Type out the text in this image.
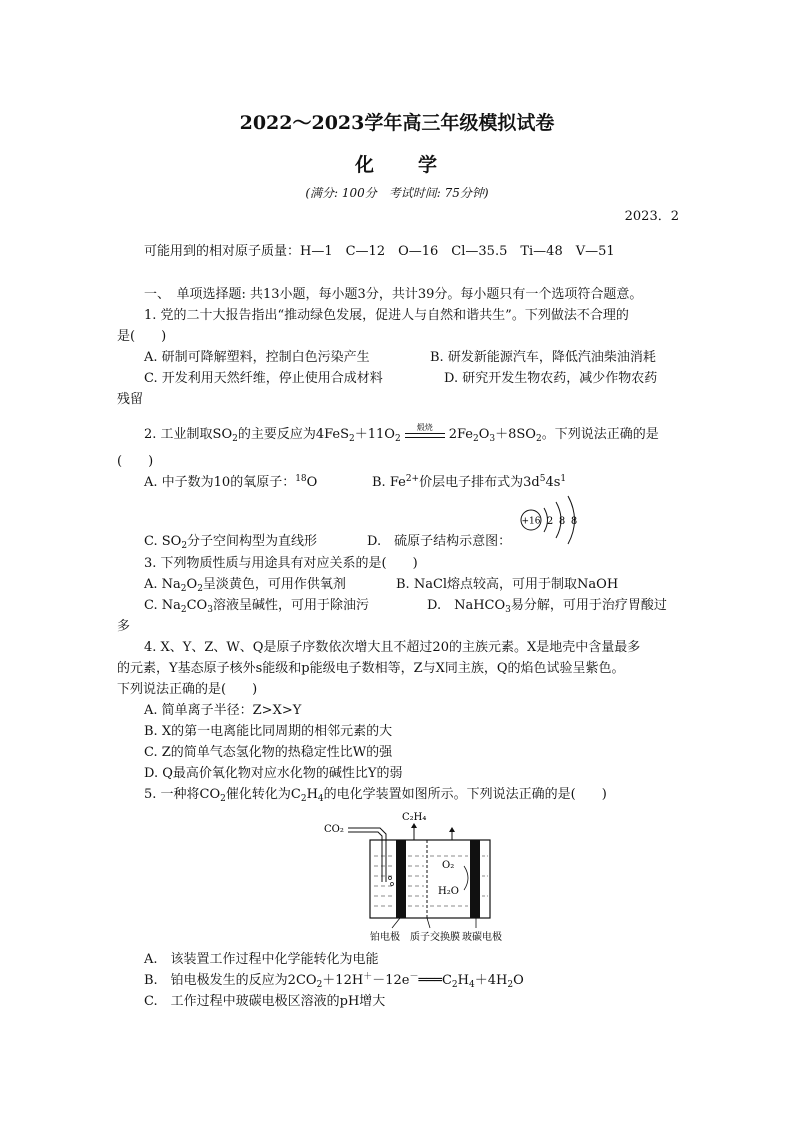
2022～2023学年高三年级模拟试卷
化　　学
(满分: 100分　考试时间: 75分钟)
2023．2
可能用到的相对原子质量：H—1　C—12　O—16　Cl—35.5　Ti—48　V—51
一、　单项选择题: 共13小题，每小题3分，共计39分。每小题只有一个选项符合题意。
1. 党的二十大报告指出“推动绿色发展，促进人与自然和谐共生”。下列做法不合理的
是(　　)
A. 研制可降解塑料，控制白色污染产生	B. 研发新能源汽车，降低汽油柴油消耗
C. 开发利用天然纤维，停止使用合成材料	D. 研究开发生物农药，减少作物农药
残留
2. 工业制取$SO_2$的主要反应为$4FeS_2+11O_2$
煅烧	$2Fe_2O_3+8SO_2$。下列说法正确的是
(　　)
A. 中子数为10的氧原子：$^{18}$O	B. $Fe^{2+}$价层电子排布式为$3d^54s^1$
C. $SO_2$分子空间构型为直线形	D.　硫原子结构示意图：
+16 2 8 8
3. 下列物质性质与用途具有对应关系的是(　　)
A. $Na_2O_2$呈淡黄色，可用作供氧剂	B. NaCl熔点较高，可用于制取NaOH
C. $Na_2CO_3$溶液呈碱性，可用于除油污	D.　NaHCO$_3$易分解，可用于治疗胃酸过
多
4. X、Y、Z、W、Q是原子序数依次增大且不超过20的主族元素。X是地壳中含量最多
的元素，Y基态原子核外s能级和p能级电子数相等，Z与X同主族，Q的焰色试验呈紫色。
下列说法正确的是(　　)
A. 简单离子半径：Z>X>Y
B. X的第一电离能比同周期的相邻元素的大
C. Z的简单气态氢化物的热稳定性比W的强
D. Q最高价氧化物对应水化物的碱性比Y的弱
5. 一种将$CO_2$催化转化为$C_2H_4$的电化学装置如图所示。下列说法正确的是(　　)
CO₂
C₂H₄
O₂
H₂O
铂电极 质子交换膜 玻碳电极
A.　该装置工作过程中化学能转化为电能
B.　铂电极发生的反应为$2CO_2+12H^+-12e^-═══C_2H_4+4H_2O$
C.　工作过程中玻碳电极区溶液的pH增大
